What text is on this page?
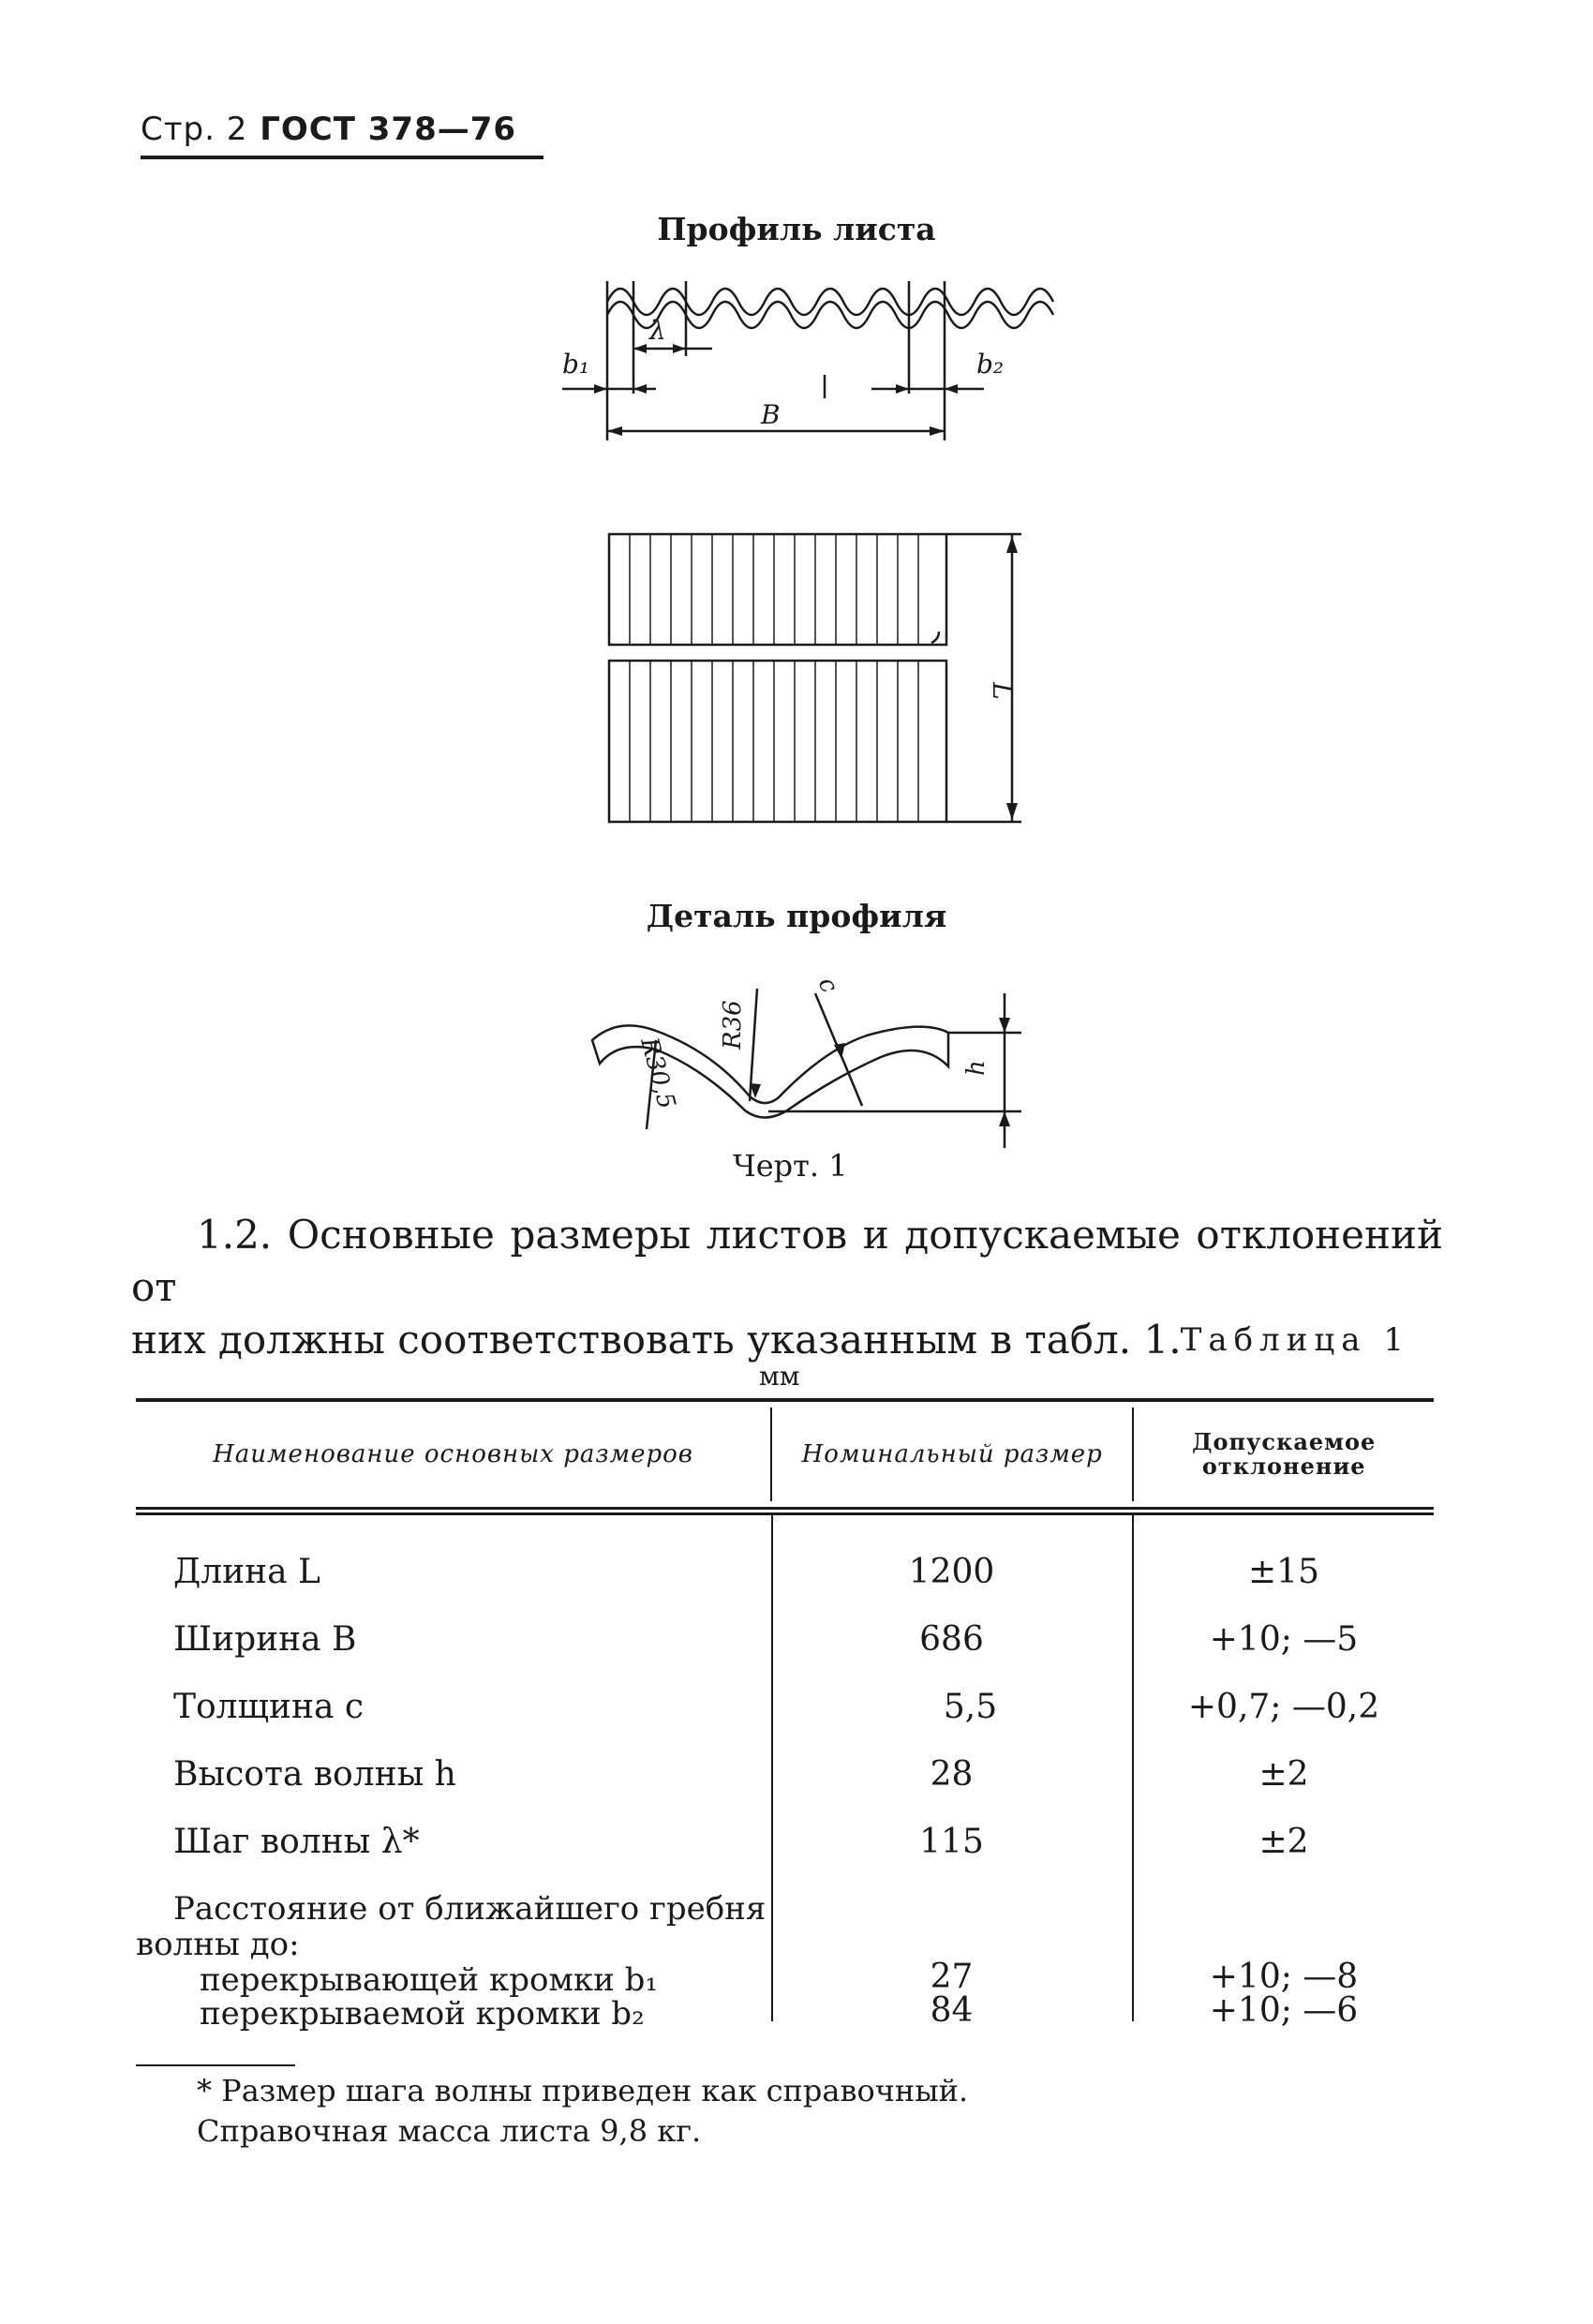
Стр. 2 ГОСТ 378—76
Профиль листа
λ
b₁	b₂
B
L
Деталь профиля
R36
R30,5
c
h
Черт. 1
1.2. Основные размеры листов и допускаемые отклонений от
них должны соответствовать указанным в табл. 1. Таблица 1
мм
Наименование основных размеров	Номинальный размер	Допускаемое
отклонение
Длина L	1200	±15
Ширина B	686	+10; —5
Толщина c	5,5	+0,7; —0,2
Высота волны h	28	±2
Шаг волны λ*	115	±2
Расстояние от ближайшего гребня
волны до:
перекрывающей кромки b₁	27	+10; —8
перекрываемой кромки b₂	84	+10; —6
* Размер шага волны приведен как справочный.
Справочная масса листа 9,8 кг.
